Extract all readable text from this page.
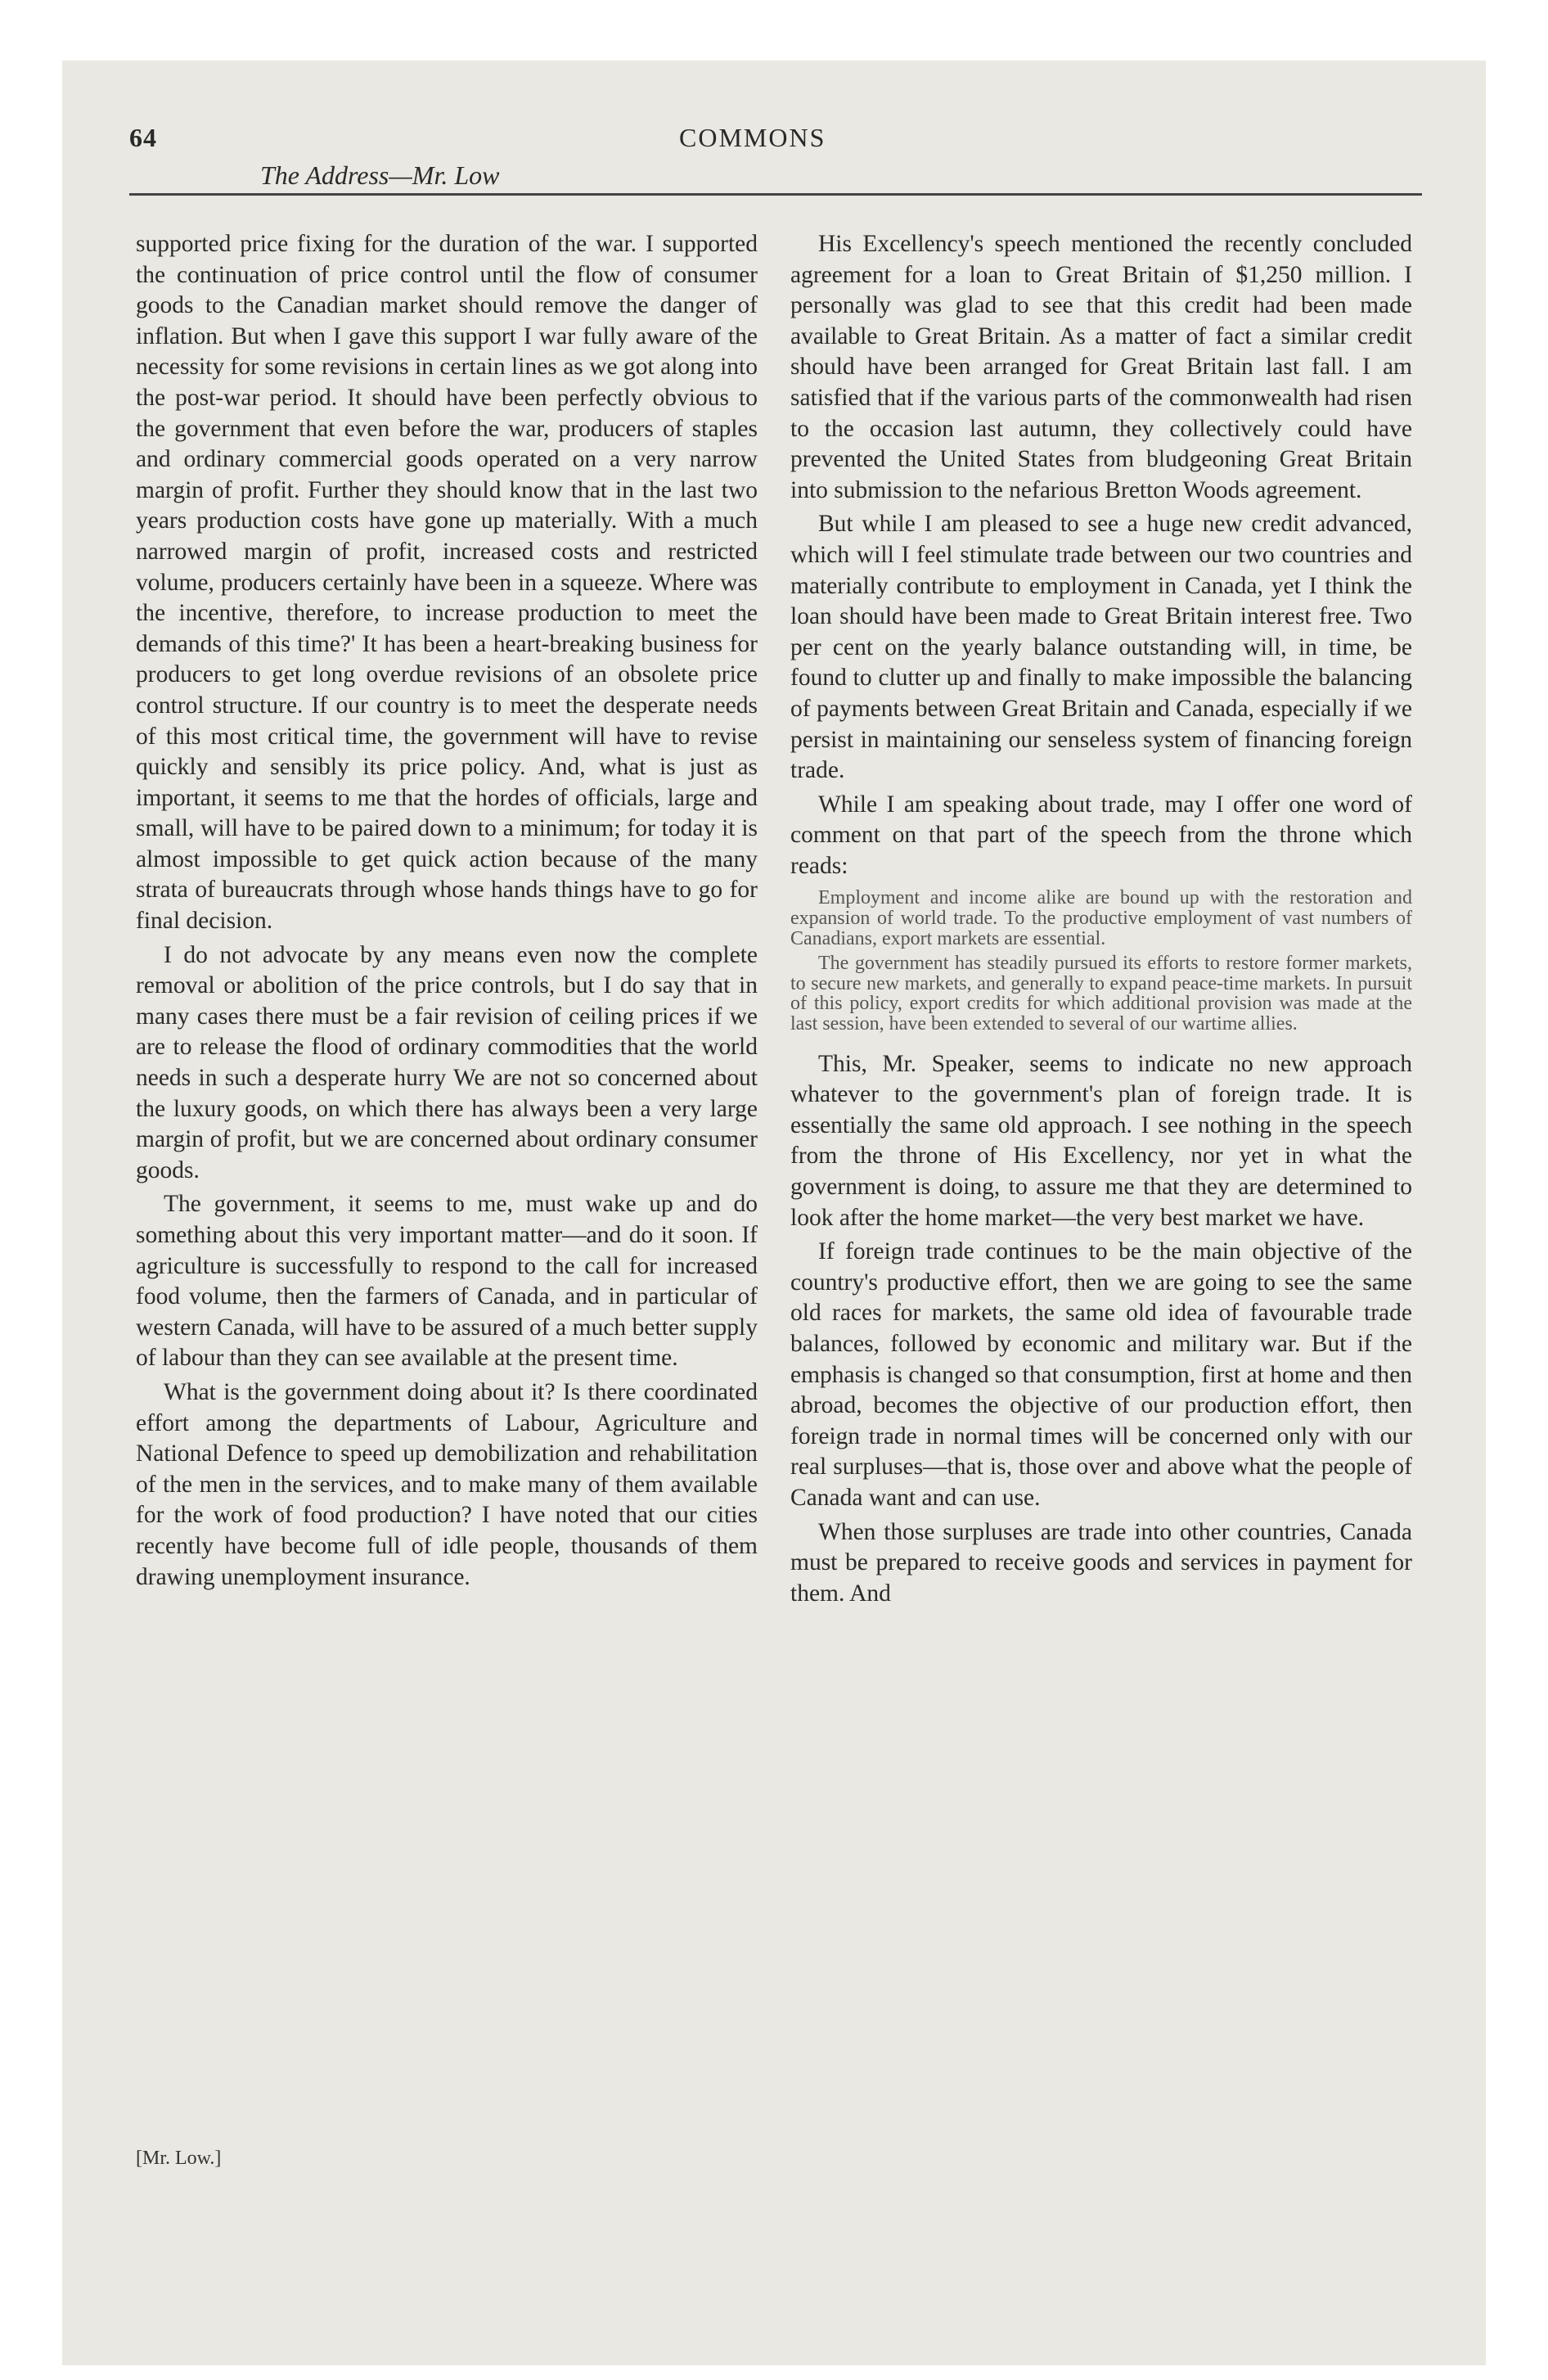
64	COMMONS
The Address—Mr. Low

supported price fixing for the duration of the war. I supported the continuation of price control until the flow of consumer goods to the Canadian market should remove the danger of inflation. But when I gave this support I war fully aware of the necessity for some revisions in certain lines as we got along into the post-war period. It should have been perfectly obvious to the government that even before the war, producers of staples and ordinary commercial goods operated on a very narrow margin of profit. Further they should know that in the last two years production costs have gone up materially. With a much narrowed margin of profit, increased costs and restricted volume, producers certainly have been in a squeeze. Where was the incentive, therefore, to increase production to meet the demands of this time?' It has been a heart-breaking business for producers to get long overdue revisions of an obsolete price control structure. If our country is to meet the desperate needs of this most critical time, the government will have to revise quickly and sensibly its price policy. And, what is just as important, it seems to me that the hordes of officials, large and small, will have to be paired down to a minimum; for today it is almost impossible to get quick action because of the many strata of bureaucrats through whose hands things have to go for final decision.

I do not advocate by any means even now the complete removal or abolition of the price controls, but I do say that in many cases there must be a fair revision of ceiling prices if we are to release the flood of ordinary commodities that the world needs in such a desperate hurry We are not so concerned about the luxury goods, on which there has always been a very large margin of profit, but we are concerned about ordinary consumer goods.

The government, it seems to me, must wake up and do something about this very important matter—and do it soon. If agriculture is successfully to respond to the call for increased food volume, then the farmers of Canada, and in particular of western Canada, will have to be assured of a much better supply of labour than they can see available at the present time.

What is the government doing about it? Is there coordinated effort among the departments of Labour, Agriculture and National Defence to speed up demobilization and rehabilitation of the men in the services, and to make many of them available for the work of food production? I have noted that our cities recently have become full of idle people, thousands of them drawing unemployment insurance.

[Mr. Low.]

His Excellency's speech mentioned the recently concluded agreement for a loan to Great Britain of $1,250 million. I personally was glad to see that this credit had been made available to Great Britain. As a matter of fact a similar credit should have been arranged for Great Britain last fall. I am satisfied that if the various parts of the commonwealth had risen to the occasion last autumn, they collectively could have prevented the United States from bludgeoning Great Britain into submission to the nefarious Bretton Woods agreement.

But while I am pleased to see a huge new credit advanced, which will I feel stimulate trade between our two countries and materially contribute to employment in Canada, yet I think the loan should have been made to Great Britain interest free. Two per cent on the yearly balance outstanding will, in time, be found to clutter up and finally to make impossible the balancing of payments between Great Britain and Canada, especially if we persist in maintaining our senseless system of financing foreign trade.

While I am speaking about trade, may I offer one word of comment on that part of the speech from the throne which reads:

Employment and income alike are bound up with the restoration and expansion of world trade. To the productive employment of vast numbers of Canadians, export markets are essential.

The government has steadily pursued its efforts to restore former markets, to secure new markets, and generally to expand peace-time markets. In pursuit of this policy, export credits for which additional provision was made at the last session, have been extended to several of our wartime allies.

This, Mr. Speaker, seems to indicate no new approach whatever to the government's plan of foreign trade. It is essentially the same old approach. I see nothing in the speech from the throne of His Excellency, nor yet in what the government is doing, to assure me that they are determined to look after the home market—the very best market we have.

If foreign trade continues to be the main objective of the country's productive effort, then we are going to see the same old races for markets, the same old idea of favourable trade balances, followed by economic and military war. But if the emphasis is changed so that consumption, first at home and then abroad, becomes the objective of our production effort, then foreign trade in normal times will be concerned only with our real surpluses—that is, those over and above what the people of Canada want and can use.

When those surpluses are trade into other countries, Canada must be prepared to receive goods and services in payment for them. And
